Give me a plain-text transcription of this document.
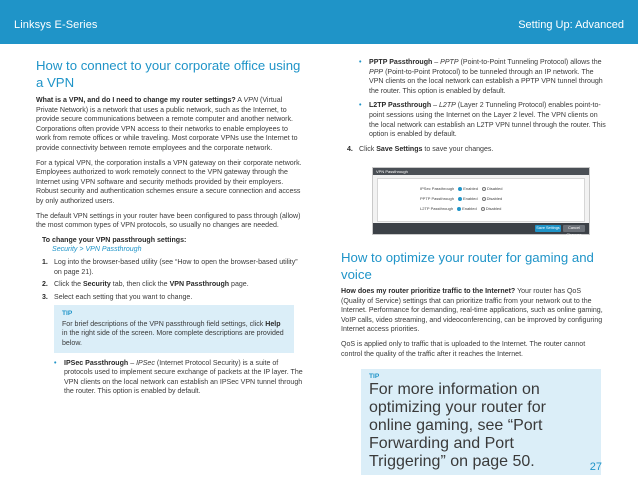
Linksys E-Series	Setting Up: Advanced
How to connect to your corporate office using a VPN

What is a VPN, and do I need to change my router settings? A VPN (Virtual Private Network) is a network that uses a public network, such as the Internet, to provide secure communications between a remote computer and another network. Corporations often provide VPN access to their networks to enable employees to work from remote offices or while traveling. Most corporate VPNs use the Internet to provide connectivity between remote employees and the corporate network.

For a typical VPN, the corporation installs a VPN gateway on their corporate network. Employees authorized to work remotely connect to the VPN gateway through the Internet using VPN software and security methods provided by their employers. Robust security and authentication schemes ensure a secure connection and access by only authorized users.

The default VPN settings in your router have been configured to pass through (allow) the most common types of VPN protocols, so usually no changes are needed.

To change your VPN passthrough settings:
Security > VPN Passthrough
1. Log into the browser-based utility (see “How to open the browser-based utility” on page 21).
2. Click the Security tab, then click the VPN Passthrough page.
3. Select each setting that you want to change.
TIP
For brief descriptions of the VPN passthrough field settings, click Help in the right side of the screen. More complete descriptions are provided below.
• IPSec Passthrough – IPSec (Internet Protocol Security) is a suite of protocols used to implement secure exchange of packets at the IP layer. The VPN clients on the local network can establish an IPSec VPN tunnel through the router. This option is enabled by default.
• PPTP Passthrough – PPTP (Point-to-Point Tunneling Protocol) allows the PPP (Point-to-Point Protocol) to be tunneled through an IP network. The VPN clients on the local network can establish a PPTP VPN tunnel through the router. This option is enabled by default.
• L2TP Passthrough – L2TP (Layer 2 Tunneling Protocol) enables point-to-point sessions using the Internet on the Layer 2 level. The VPN clients on the local network can establish an L2TP VPN tunnel through the router. This option is enabled by default.
4. Click Save Settings to save your changes.
VPN Passthrough
IPSec Passthrough Enabled Disabled
PPTP Passthrough Enabled Disabled
L2TP Passthrough Enabled Disabled
Save Settings	Cancel Changes
How to optimize your router for gaming and voice

How does my router prioritize traffic to the Internet? Your router has QoS (Quality of Service) settings that can prioritize traffic from your network out to the Internet. Performance for demanding, real-time applications, such as online gaming, VoIP calls, video streaming, and videoconferencing, can be improved by configuring Internet access priorities.

QoS is applied only to traffic that is uploaded to the Internet. The router cannot control the quality of the traffic after it reaches the Internet.

TIP
For more information on optimizing your router for online gaming, see “Port Forwarding and Port Triggering” on page 50.	27
